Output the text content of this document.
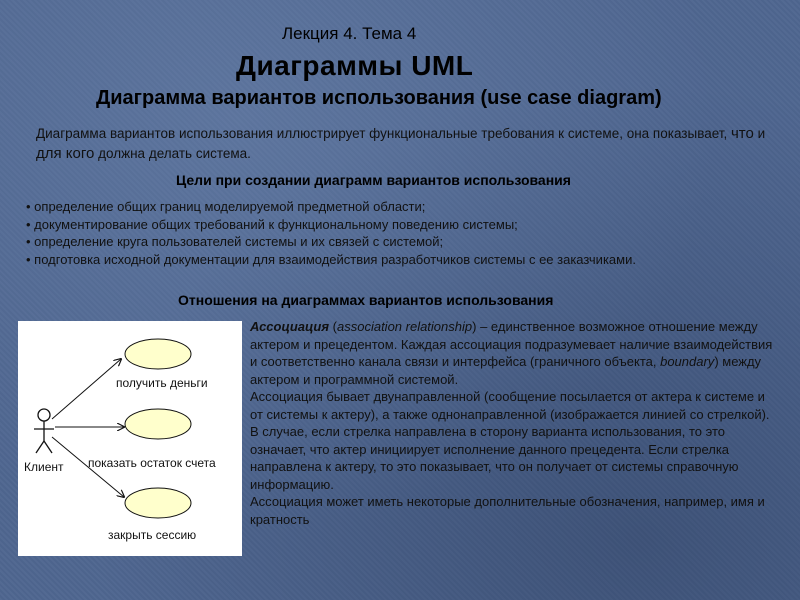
Лекция 4. Тема 4
Диаграммы UML
Диаграмма вариантов использования (use case diagram)
Диаграмма вариантов использования иллюстрирует функциональные требования к системе, она показывает, что и для кого должна делать система.
Цели при создании диаграмм вариантов использования
• определение общих границ моделируемой предметной области;
• документирование общих требований к функциональному поведению системы;
• определение круга пользователей системы и их связей с системой;
• подготовка исходной документации для взаимодействия разработчиков системы с ее заказчиками.
Отношения на диаграммах вариантов использования
Клиент
получить деньги
показать остаток счета
закрыть сессию
Ассоциация (association relationship) – единственное возможное отношение между актером и прецедентом. Каждая ассоциация подразумевает наличие взаимодействия и соответственно канала связи и интерфейса (граничного объекта, boundary) между актером и программной системой.
Ассоциация бывает двунаправленной (сообщение посылается от актера к системе и от системы к актеру), а также однонаправленной (изображается линией со стрелкой). В случае, если стрелка направлена в сторону варианта использования, то это означает, что актер инициирует исполнение данного прецедента. Если стрелка направлена к актеру, то это показывает, что он получает от системы справочную информацию.
Ассоциация может иметь некоторые дополнительные обозначения, например, имя и кратность
